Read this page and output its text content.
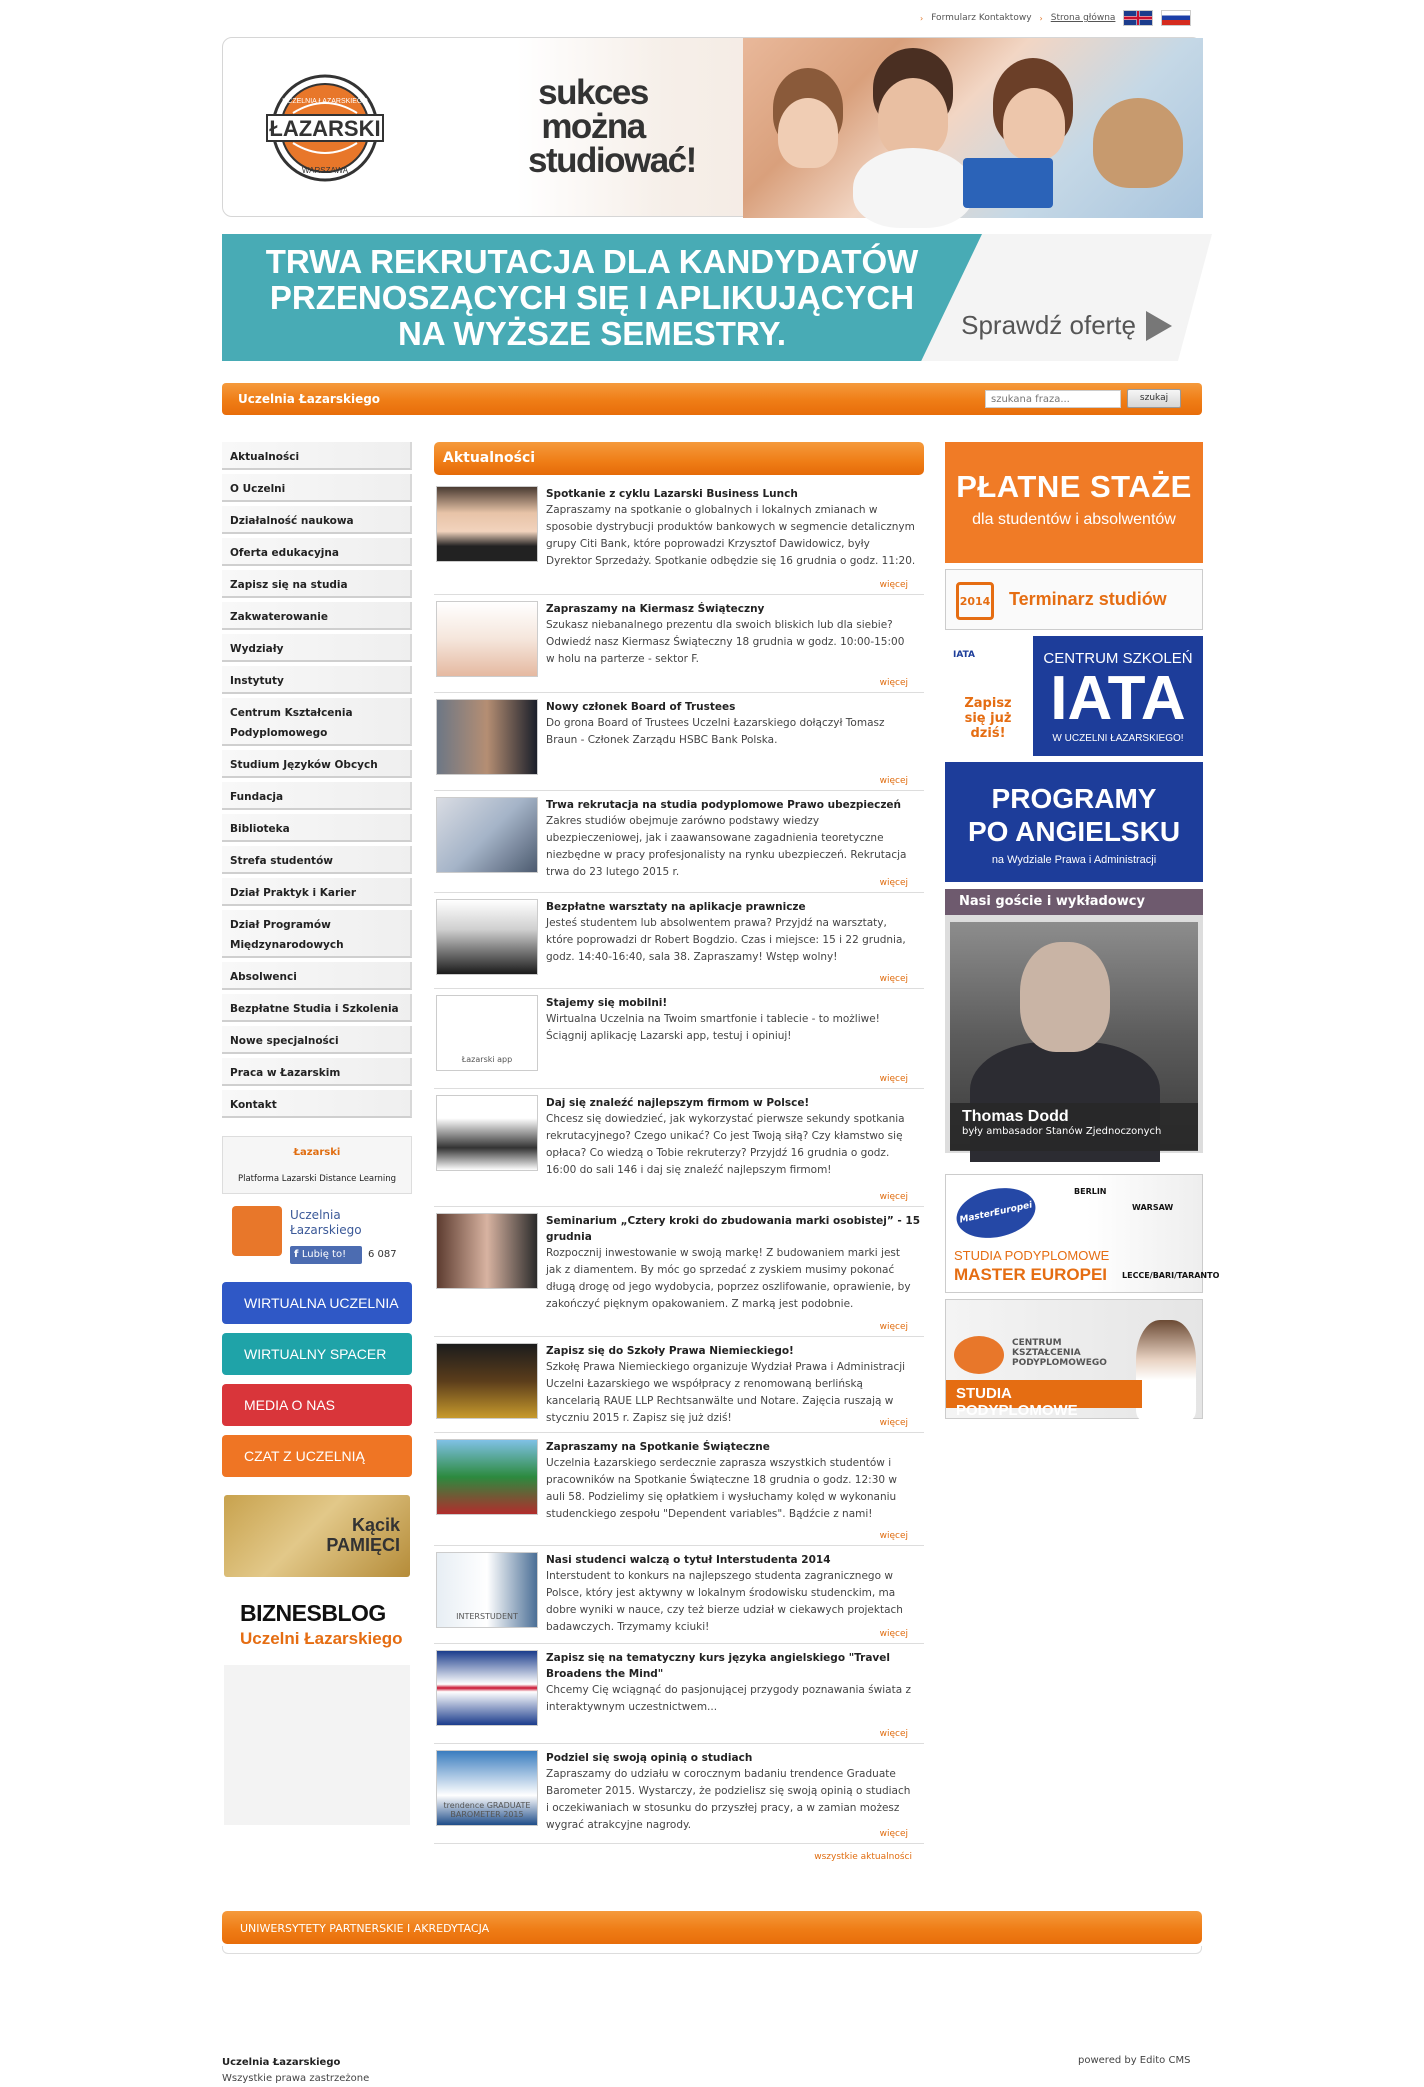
› Formularz Kontaktowy › Strona główna
ŁAZARSKI
UCZELNIA ŁAZARSKIEGO
WARSZAWA
sukces
można
studiować!
TRWA REKRUTACJA DLA KANDYDATÓW
PRZENOSZĄCYCH SIĘ I APLIKUJĄCYCH
NA WYŻSZE SEMESTRY.	Sprawdź ofertę
Uczelnia Łazarskiego
szukana fraza...	szukaj
Aktualności
O Uczelni
Działalność naukowa
Oferta edukacyjna
Zapisz się na studia
Zakwaterowanie
Wydziały
Instytuty
Centrum Kształcenia Podyplomowego
Studium Języków Obcych
Fundacja
Biblioteka
Strefa studentów
Dział Praktyk i Karier
Dział Programów Międzynarodowych
Absolwenci
Bezpłatne Studia i Szkolenia
Nowe specjalności
Praca w Łazarskim
Kontakt
Łazarski
Platforma Lazarski Distance Learning
Uczelnia Łazarskiego
f Lubię to!	6 087
WIRTUALNA UCZELNIA
WIRTUALNY SPACER
MEDIA O NAS
CZAT Z UCZELNIĄ
Kącik PAMIĘCI
BIZNESBLOG
Uczelni Łazarskiego
Aktualności
Spotkanie z cyklu Lazarski Business Lunch
Zapraszamy na spotkanie o globalnych i lokalnych zmianach w sposobie dystrybucji produktów bankowych w segmencie detalicznym grupy Citi Bank, które poprowadzi Krzysztof Dawidowicz, były Dyrektor Sprzedaży. Spotkanie odbędzie się 16 grudnia o godz. 11:20.
więcej
Zapraszamy na Kiermasz Świąteczny
Szukasz niebanalnego prezentu dla swoich bliskich lub dla siebie? Odwiedź nasz Kiermasz Świąteczny 18 grudnia w godz. 10:00-15:00 w holu na parterze - sektor F.
więcej
Nowy członek Board of Trustees
Do grona Board of Trustees Uczelni Łazarskiego dołączył Tomasz Braun - Członek Zarządu HSBC Bank Polska.
więcej
Trwa rekrutacja na studia podyplomowe Prawo ubezpieczeń
Zakres studiów obejmuje zarówno podstawy wiedzy ubezpieczeniowej, jak i zaawansowane zagadnienia teoretyczne niezbędne w pracy profesjonalisty na rynku ubezpieczeń. Rekrutacja trwa do 23 lutego 2015 r.
więcej
Bezpłatne warsztaty na aplikacje prawnicze
Jesteś studentem lub absolwentem prawa? Przyjdź na warsztaty, które poprowadzi dr Robert Bogdzio. Czas i miejsce: 15 i 22 grudnia, godz. 14:40-16:40, sala 38. Zapraszamy! Wstęp wolny!
więcej
Łazarski app
Stajemy się mobilni!
Wirtualna Uczelnia na Twoim smartfonie i tablecie - to możliwe! Ściągnij aplikację Lazarski app, testuj i opiniuj!
więcej
Daj się znaleźć najlepszym firmom w Polsce!
Chcesz się dowiedzieć, jak wykorzystać pierwsze sekundy spotkania rekrutacyjnego? Czego unikać? Co jest Twoją siłą? Czy kłamstwo się opłaca? Co wiedzą o Tobie rekruterzy? Przyjdź 16 grudnia o godz. 16:00 do sali 146 i daj się znaleźć najlepszym firmom!
więcej
Seminarium „Cztery kroki do zbudowania marki osobistej” - 15 grudnia
Rozpocznij inwestowanie w swoją markę! Z budowaniem marki jest jak z diamentem. By móc go sprzedać z zyskiem musimy pokonać długą drogę od jego wydobycia, poprzez oszlifowanie, oprawienie, by zakończyć pięknym opakowaniem. Z marką jest podobnie.
więcej
Zapisz się do Szkoły Prawa Niemieckiego!
Szkołę Prawa Niemieckiego organizuje Wydział Prawa i Administracji Uczelni Łazarskiego we współpracy z renomowaną berlińską kancelarią RAUE LLP Rechtsanwälte und Notare. Zajęcia ruszają w styczniu 2015 r. Zapisz się już dziś!	więcej
Zapraszamy na Spotkanie Świąteczne
Uczelnia Łazarskiego serdecznie zaprasza wszystkich studentów i pracowników na Spotkanie Świąteczne 18 grudnia o godz. 12:30 w auli 58. Podzielimy się opłatkiem i wysłuchamy kolęd w wykonaniu studenckiego zespołu "Dependent variables". Bądźcie z nami!
więcej
INTERSTUDENT
Nasi studenci walczą o tytuł Interstudenta 2014
Interstudent to konkurs na najlepszego studenta zagranicznego w Polsce, który jest aktywny w lokalnym środowisku studenckim, ma dobre wyniki w nauce, czy też bierze udział w ciekawych projektach badawczych. Trzymamy kciuki!
więcej
Zapisz się na tematyczny kurs języka angielskiego "Travel Broadens the Mind"
Chcemy Cię wciągnąć do pasjonującej przygody poznawania świata z interaktywnym uczestnictwem...
więcej
trendence GRADUATE BAROMETER 2015
Podziel się swoją opinią o studiach
Zapraszamy do udziału w corocznym badaniu trendence Graduate Barometer 2015. Wystarczy, że podzielisz się swoją opinią o studiach i oczekiwaniach w stosunku do przyszłej pracy, a w zamian możesz wygrać atrakcyjne nagrody.
więcej
wszystkie aktualności
PŁATNE STAŻE
dla studentów i absolwentów
2014 Terminarz studiów
IATA
Zapisz się już dziś!
CENTRUM SZKOLEŃ
IATA
W UCZELNI ŁAZARSKIEGO!
PROGRAMY
PO ANGIELSKU
na Wydziale Prawa i Administracji
Nasi goście i wykładowcy
Thomas Dodd
były ambasador Stanów Zjednoczonych
MasterEuropei
BERLIN
WARSAW
LECCE/BARI/TARANTO
STUDIA PODYPLOMOWE
MASTER EUROPEI
CENTRUM KSZTAŁCENIA PODYPLOMOWEGO
STUDIA PODYPLOMOWE
UNIWERSYTETY PARTNERSKIE I AKREDYTACJA
Uczelnia Łazarskiego
Wszystkie prawa zastrzeżone
powered by Edito CMS
